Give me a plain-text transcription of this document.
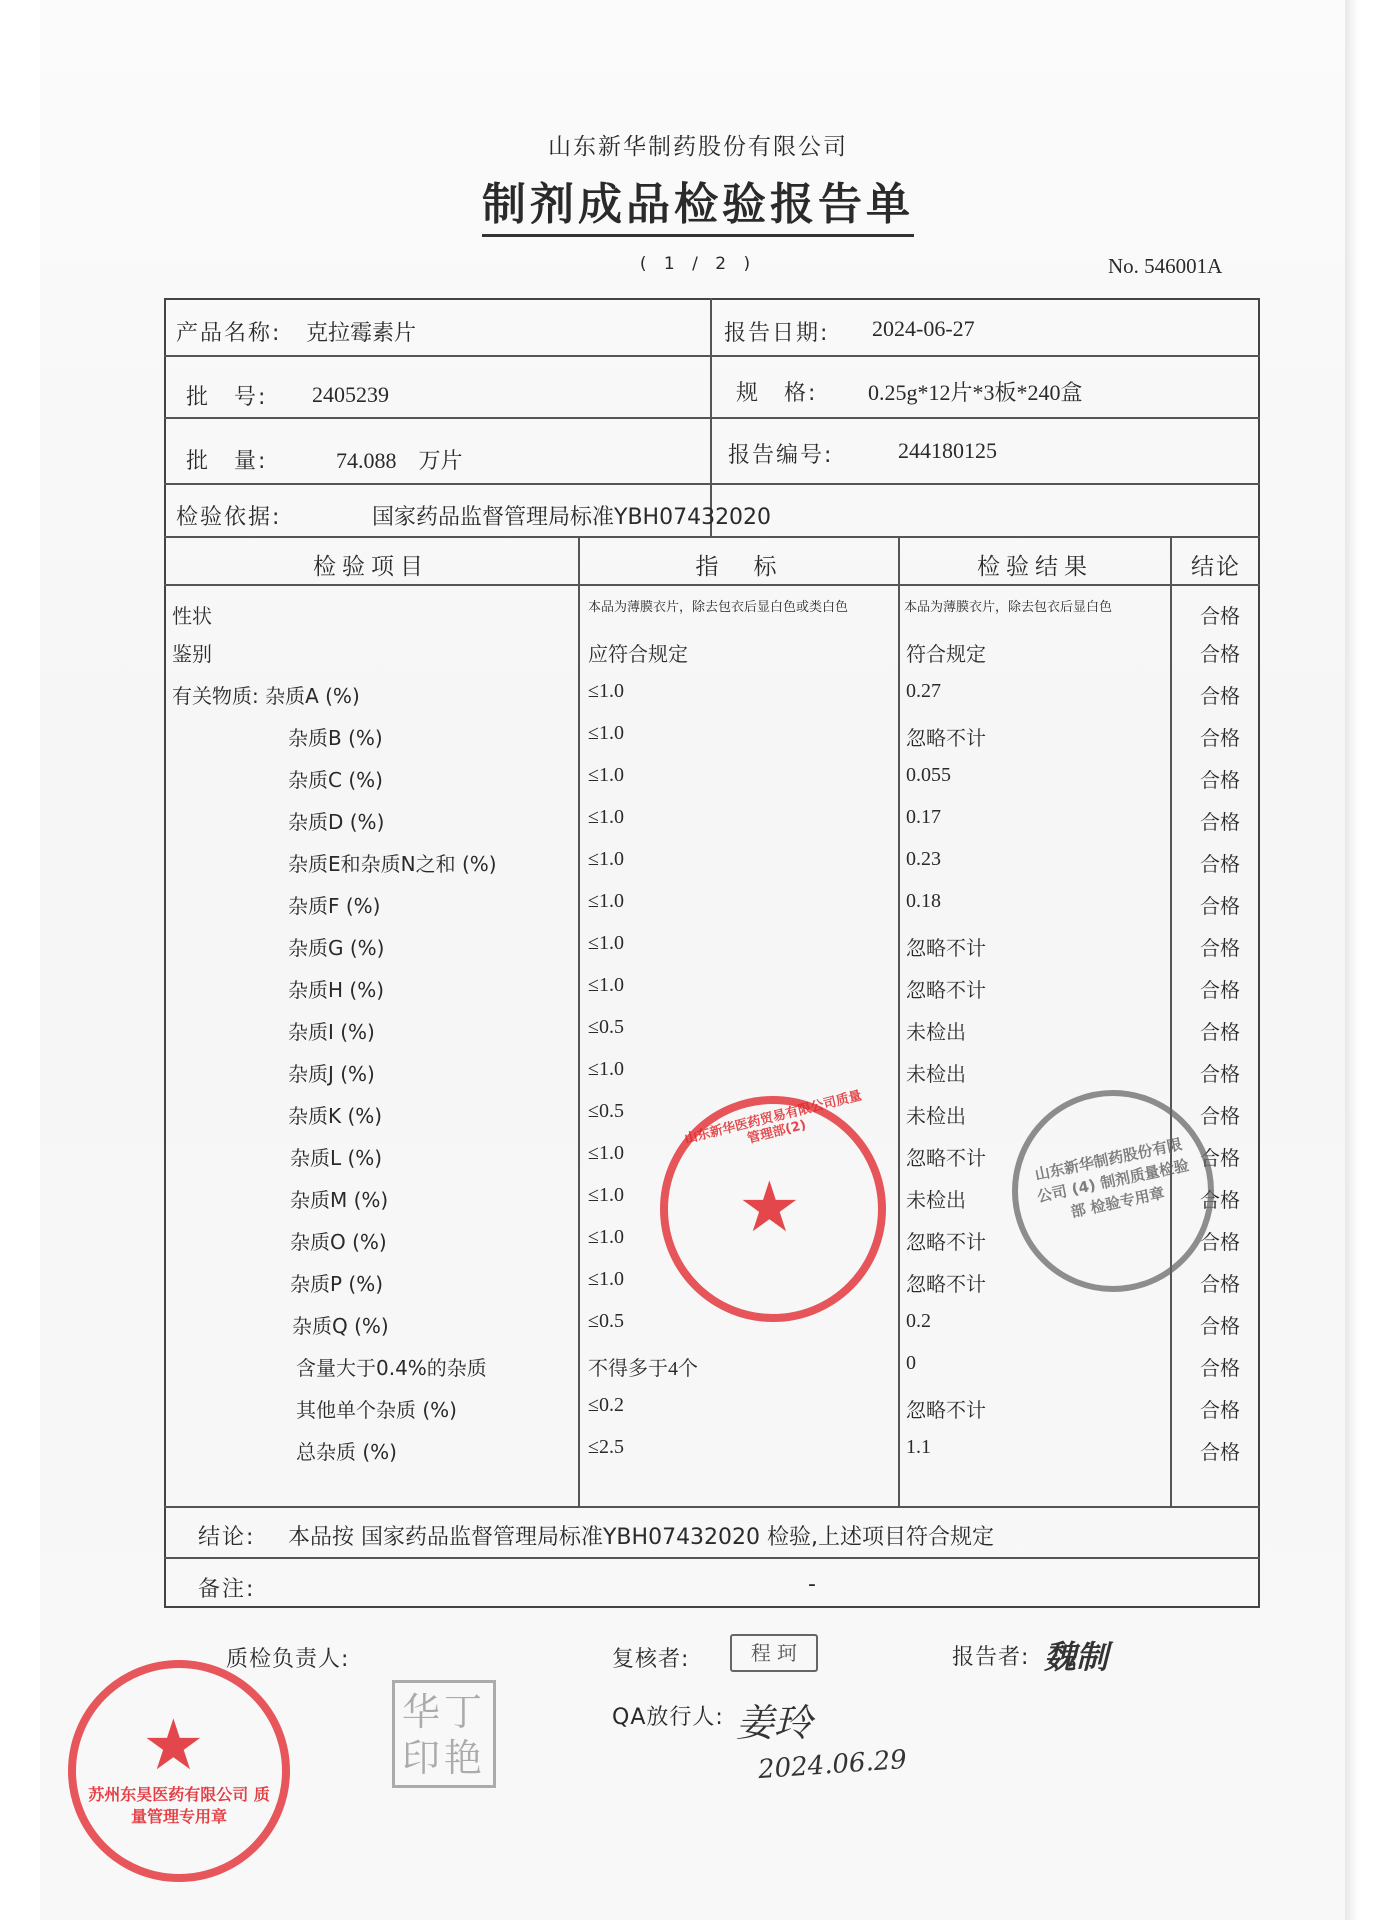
山东新华制药股份有限公司
制剂成品检验报告单
( 1 / 2 )	No. 546001A
产品名称: 克拉霉素片	报告日期: 2024-06-27
批　号: 2405239	规　格: 0.25g*12片*3板*240盒
批　量:	74.088　万片	报告编号:	244180125
检验依据:	国家药品监督管理局标准YBH07432020
检验项目	指　标	检验结果	结论
性状	本品为薄膜衣片，除去包衣后显白色或类白色	本品为薄膜衣片，除去包衣后显白色	合格
鉴别	应符合规定	符合规定	合格
有关物质: 杂质A (%)	≤1.0	0.27	合格
杂质B (%)	≤1.0	忽略不计	合格
杂质C (%)	≤1.0	0.055	合格
杂质D (%)	≤1.0	0.17	合格
杂质E和杂质N之和 (%)	≤1.0	0.23	合格
杂质F (%)	≤1.0	0.18	合格
杂质G (%)	≤1.0	忽略不计	合格
杂质H (%)	≤1.0	忽略不计	合格
杂质I (%)	≤0.5	未检出	合格
杂质J (%)	≤1.0	未检出	合格
杂质K (%)	≤0.5	未检出	合格
杂质L (%)	≤1.0	忽略不计	合格
杂质M (%)	≤1.0	未检出	合格
杂质O (%)	≤1.0	忽略不计	合格
杂质P (%)	≤1.0	忽略不计	合格
杂质Q (%)	≤0.5	0.2	合格
含量大于0.4%的杂质	不得多于4个	0	合格
其他单个杂质 (%)	≤0.2	忽略不计	合格
总杂质 (%)	≤2.5	1.1	合格
结论: 本品按 国家药品监督管理局标准YBH07432020 检验,上述项目符合规定
备注:	-
质检负责人:	复核者:	程 珂	报告者: 魏制
QA放行人: 姜玲
2024.06.29
华丁印艳
★
山东新华医药贸易有限公司质量管理部(2)
山东新华制药股份有限公司 (4) 制剂质量检验部 检验专用章
★
苏州东昊医药有限公司 质量管理专用章
